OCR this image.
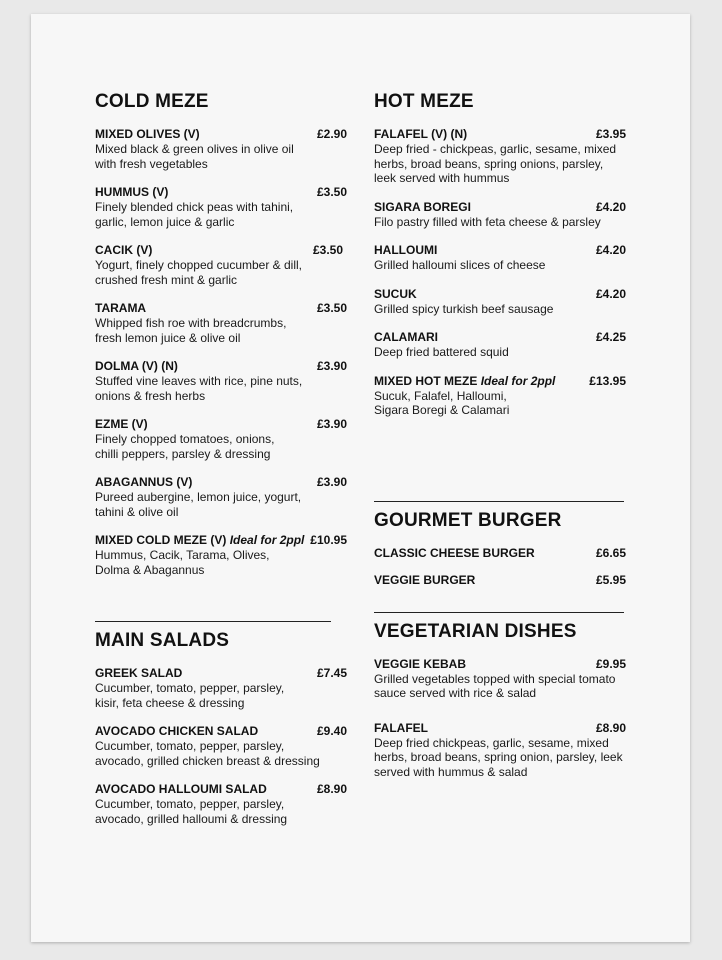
COLD MEZE
MIXED OLIVES (V)	£2.90
Mixed black & green olives in olive oil
with fresh vegetables
HUMMUS (V)	£3.50
Finely blended chick peas with tahini,
garlic, lemon juice & garlic
CACIK (V)	£3.50
Yogurt, finely chopped cucumber & dill,
crushed fresh mint & garlic
TARAMA	£3.50
Whipped fish roe with breadcrumbs,
fresh lemon juice & olive oil
DOLMA (V) (N)	£3.90
Stuffed vine leaves with rice, pine nuts,
onions & fresh herbs
EZME (V)	£3.90
Finely chopped tomatoes, onions,
chilli peppers, parsley & dressing
ABAGANNUS (V)	£3.90
Pureed aubergine, lemon juice, yogurt,
tahini & olive oil
MIXED COLD MEZE (V) Ideal for 2ppl £10.95
Hummus, Cacik, Tarama, Olives,
Dolma & Abagannus
MAIN SALADS
GREEK SALAD	£7.45
Cucumber, tomato, pepper, parsley,
kisir, feta cheese & dressing
AVOCADO CHICKEN SALAD	£9.40
Cucumber, tomato, pepper, parsley,
avocado, grilled chicken breast & dressing
AVOCADO HALLOUMI SALAD	£8.90
Cucumber, tomato, pepper, parsley,
avocado, grilled halloumi & dressing
HOT MEZE
FALAFEL (V) (N)	£3.95
Deep fried - chickpeas, garlic, sesame, mixed
herbs, broad beans, spring onions, parsley,
leek served with hummus
SIGARA BOREGI	£4.20
Filo pastry filled with feta cheese & parsley
HALLOUMI	£4.20
Grilled halloumi slices of cheese
SUCUK	£4.20
Grilled spicy turkish beef sausage
CALAMARI	£4.25
Deep fried battered squid
MIXED HOT MEZE Ideal for 2ppl	£13.95
Sucuk, Falafel, Halloumi,
Sigara Boregi & Calamari
GOURMET BURGER
CLASSIC CHEESE BURGER	£6.65
VEGGIE BURGER	£5.95
VEGETARIAN DISHES
VEGGIE KEBAB	£9.95
Grilled vegetables topped with special tomato
sauce served with rice & salad
FALAFEL	£8.90
Deep fried chickpeas, garlic, sesame, mixed
herbs, broad beans, spring onion, parsley, leek
served with hummus & salad
